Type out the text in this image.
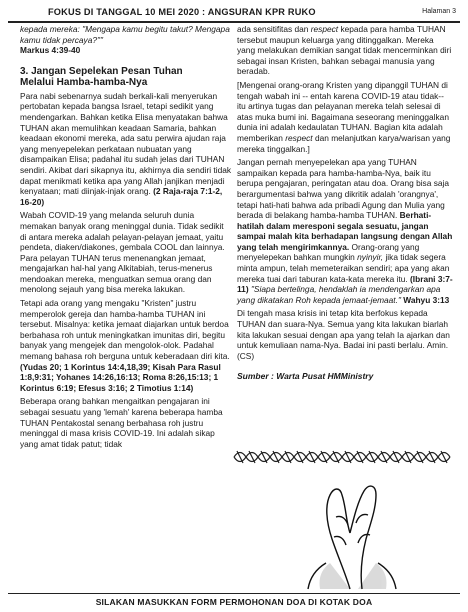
FOKUS DI TANGGAL 10 MEI 2020 : ANGSURAN KPR RUKO	Halaman 3

kepada mereka: "Mengapa kamu begitu takut? Mengapa kamu tidak percaya?""
Markus 4:39-40

3. Jangan Sepelekan Pesan Tuhan
Melalui Hamba-hamba-Nya

Para nabi sebenarnya sudah berkali-kali menyerukan pertobatan kepada bangsa Israel, tetapi sedikit yang mendengarkan. Bahkan ketika Elisa menyatakan bahwa TUHAN akan memulihkan keadaan Samaria, bahkan keadaan ekonomi mereka, ada satu perwira ajudan raja yang menyepelekan perkataan nubuatan yang disampaikan Elisa; padahal itu sudah jelas dari TUHAN sendiri. Akibat dari sikapnya itu, akhirnya dia sendiri tidak dapat menikmati ketika apa yang Allah janjikan menjadi kenyataan; mati diinjak-injak orang. (2 Raja-raja 7:1-2, 16-20)

Wabah COVID-19 yang melanda seluruh dunia memakan banyak orang meninggal dunia. Tidak sedikit di antara mereka adalah pelayan-pelayan jemaat, yaitu pendeta, diaken/diakones, gembala COOL dan lainnya. Para pelayan TUHAN terus menenangkan jemaat, mengajarkan hal-hal yang Alkitabiah, terus-menerus mendoakan mereka, menguatkan semua orang dan menolong sejauh yang bisa mereka lakukan.

Tetapi ada orang yang mengaku "Kristen" justru memperolok gereja dan hamba-hamba TUHAN ini tersebut. Misalnya: ketika jemaat diajarkan untuk berdoa berbahasa roh untuk meningkatkan imunitas diri, begitu banyak yang mengejek dan mengolok-olok. Padahal memang bahasa roh berguna untuk keberadaan diri kita. (Yudas 20; 1 Korintus 14:4,18,39; Kisah Para Rasul 1:8,9:31; Yohanes 14:26,16:13; Roma 8:26,15:13; 1 Korintus 6:19; Efesus 3:16; 2 Timotius 1:14)

Beberapa orang bahkan mengaitkan pengajaran ini sebagai sesuatu yang 'lemah' karena beberapa hamba TUHAN Pentakostal senang berbahasa roh justru meninggal di masa krisis COVID-19. Ini adalah sikap yang amat tidak patut; tidak

ada sensitifitas dan respect kepada para hamba TUHAN tersebut maupun keluarga yang ditinggalkan. Mereka yang melakukan demikian sangat tidak mencerminkan diri sebagai insan Kristen, bahkan sebagai manusia yang beradab.

[Mengenai orang-orang Kristen yang dipanggil TUHAN di tengah wabah ini -- entah karena COVID-19 atau tidak-- itu artinya tugas dan pelayanan mereka telah selesai di atas muka bumi ini. Bagaimana seseorang meninggalkan dunia ini adalah kedaulatan TUHAN. Bagian kita adalah memberikan respect dan melanjutkan karya/warisan yang mereka tinggalkan.]

Jangan pernah menyepelekan apa yang TUHAN sampaikan kepada para hamba-hamba-Nya, baik itu berupa pengajaran, peringatan atau doa. Orang bisa saja berargumentasi bahwa yang dikritik adalah 'orangnya', tetapi hati-hati bahwa ada pribadi Agung dan Mulia yang berada di belakang hamba-hamba TUHAN. Berhati-hatilah dalam meresponi segala sesuatu, jangan sampai malah kita berhadapan langsung dengan Allah yang telah mengirimkannya. Orang-orang yang menyelepekan bahkan mungkin nyinyir, jika tidak segera minta ampun, telah memeteraikan sendiri; apa yang akan mereka tuai dari taburan kata-kata mereka itu. (Ibrani 3:7-11) "Siapa bertelinga, hendaklah ia mendengarkan apa yang dikatakan Roh kepada jemaat-jemaat." Wahyu 3:13

Di tengah masa krisis ini tetap kita berfokus kepada TUHAN dan suara-Nya. Semua yang kita lakukan biarlah kita lakukan sesuai dengan apa yang telah Ia ajarkan dan untuk kemuliaan nama-Nya. Badai ini pasti berlalu. Amin. (CS)

Sumber : Warta Pusat HMMinistry

SILAKAN MASUKKAN FORM PERMOHONAN DOA DI KOTAK DOA
